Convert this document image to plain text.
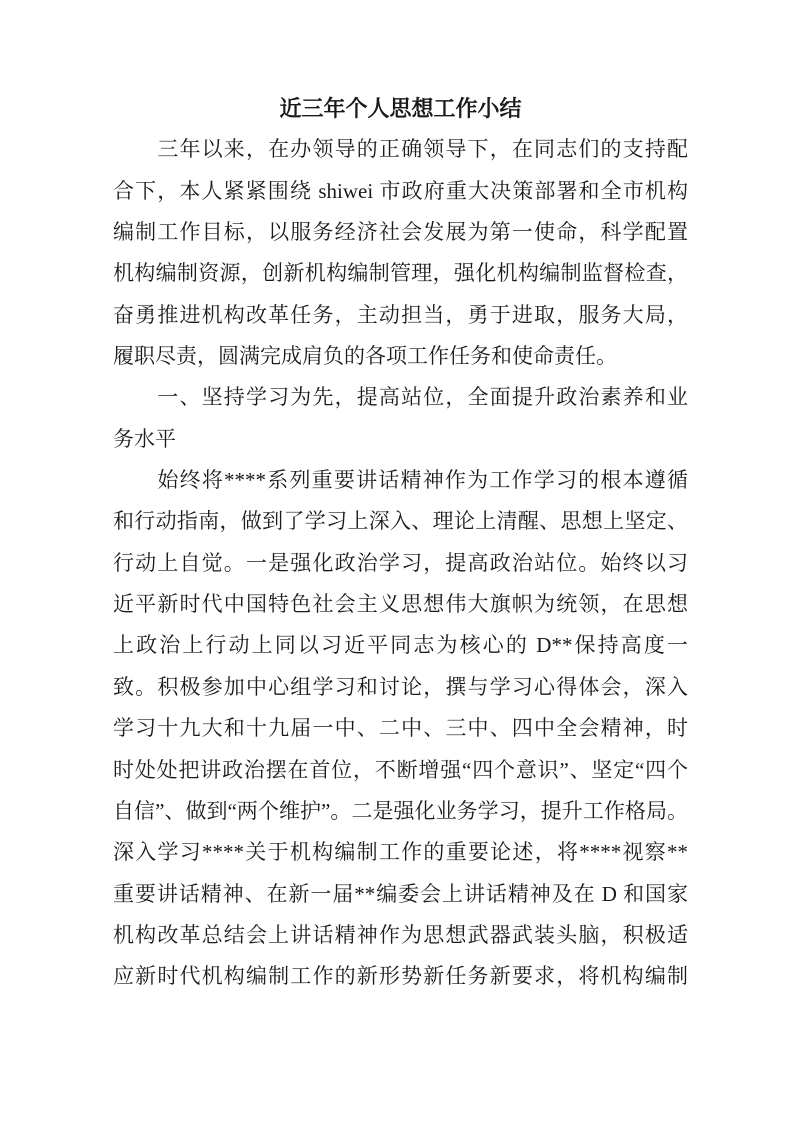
近三年个人思想工作小结
　　三年以来，在办领导的正确领导下，在同志们的支持配
合下，本人紧紧围绕 shiwei 市政府重大决策部署和全市机构
编制工作目标，以服务经济社会发展为第一使命，科学配置
机构编制资源，创新机构编制管理，强化机构编制监督检查，
奋勇推进机构改革任务，主动担当，勇于进取，服务大局，
履职尽责，圆满完成肩负的各项工作任务和使命责任。
　　一、坚持学习为先，提高站位，全面提升政治素养和业
务水平
　　始终将****系列重要讲话精神作为工作学习的根本遵循
和行动指南，做到了学习上深入、理论上清醒、思想上坚定、
行动上自觉。一是强化政治学习，提高政治站位。始终以习
近平新时代中国特色社会主义思想伟大旗帜为统领，在思想
上政治上行动上同以习近平同志为核心的 D**保持高度一
致。积极参加中心组学习和讨论，撰与学习心得体会，深入
学习十九大和十九届一中、二中、三中、四中全会精神，时
时处处把讲政治摆在首位，不断增强“四个意识”、坚定“四个
自信”、做到“两个维护”。二是强化业务学习，提升工作格局。
深入学习****关于机构编制工作的重要论述，将****视察**
重要讲话精神、在新一届**编委会上讲话精神及在 D 和国家
机构改革总结会上讲话精神作为思想武器武装头脑，积极适
应新时代机构编制工作的新形势新任务新要求，将机构编制
